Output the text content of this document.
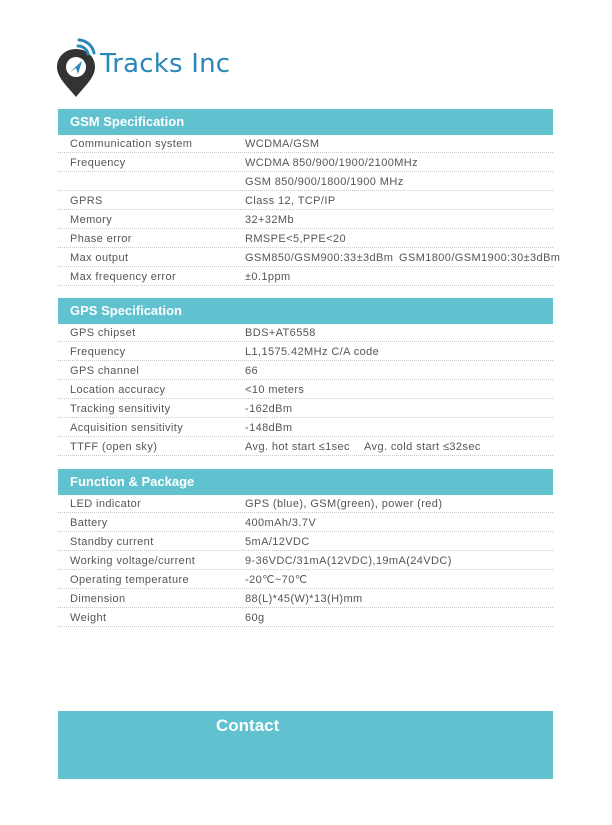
Tracks Inc
GSM Specification
Communication system	WCDMA/GSM
Frequency	WCDMA 850/900/1900/2100MHz
GSM 850/900/1800/1900 MHz
GPRS	Class 12, TCP/IP
Memory	32+32Mb
Phase error	RMSPE<5,PPE<20
Max output	GSM850/GSM900:33±3dBm GSM1800/GSM1900:30±3dBm
Max frequency error	±0.1ppm
GPS Specification
GPS chipset	BDS+AT6558
Frequency	L1,1575.42MHz C/A code
GPS channel	66
Location accuracy	<10 meters
Tracking sensitivity	-162dBm
Acquisition sensitivity	-148dBm
TTFF (open sky)	Avg. hot start ≤1sec Avg. cold start ≤32sec
Function & Package
LED indicator	GPS (blue), GSM(green), power (red)
Battery	400mAh/3.7V
Standby current	5mA/12VDC
Working voltage/current	9-36VDC/31mA(12VDC),19mA(24VDC)
Operating temperature	-20℃~70℃
Dimension	88(L)*45(W)*13(H)mm
Weight	60g
Contact
